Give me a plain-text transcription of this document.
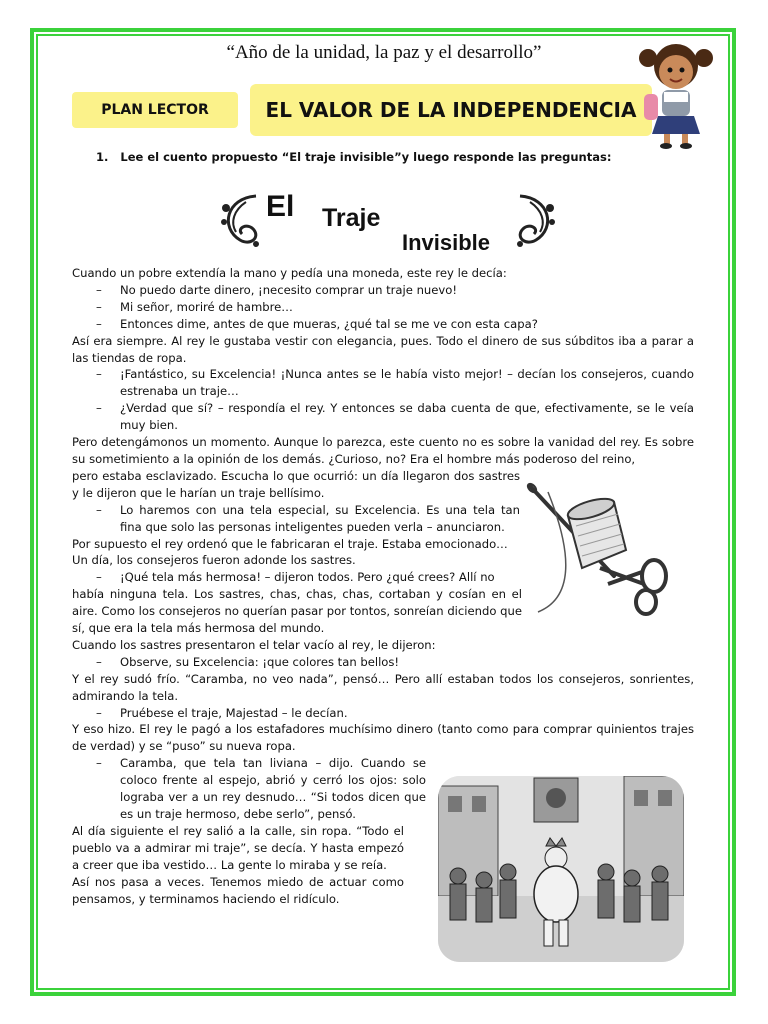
“Año de la unidad, la paz y el desarrollo”
PLAN LECTOR	EL VALOR DE LA INDEPENDENCIA
1. Lee el cuento propuesto “El traje invisible”y luego responde las preguntas:
El Traje
Invisible

Cuando un pobre extendía la mano y pedía una moneda, este rey le decía:

–	No puedo darte dinero, ¡necesito comprar un traje nuevo!
–	Mi señor, moriré de hambre…
–	Entonces dime, antes de que mueras, ¿qué tal se me ve con esta capa?

Así era siempre. Al rey le gustaba vestir con elegancia, pues. Todo el dinero de sus súbditos iba a parar a las tiendas de ropa.

–	¡Fantástico, su Excelencia! ¡Nunca antes se le había visto mejor! – decían los consejeros, cuando estrenaba un traje…
–	¿Verdad que sí? – respondía el rey. Y entonces se daba cuenta de que, efectivamente, se le veía muy bien.

Pero detengámonos un momento. Aunque lo parezca, este cuento no es sobre la vanidad del rey. Es sobre su sometimiento a la opinión de los demás. ¿Curioso, no? Era el hombre más poderoso del reino,

pero estaba esclavizado. Escucha lo que ocurrió: un día llegaron dos sastres y le dijeron que le harían un traje bellísimo.

–	Lo haremos con una tela especial, su Excelencia. Es una tela tan fina que solo las personas inteligentes pueden verla – anunciaron.

Por supuesto el rey ordenó que le fabricaran el traje. Estaba emocionado…

Un día, los consejeros fueron adonde los sastres.

–	¡Qué tela más hermosa! – dijeron todos. Pero ¿qué crees? Allí no

había ninguna tela. Los sastres, chas, chas, chas, cortaban y cosían en el aire. Como los consejeros no querían pasar por tontos, sonreían diciendo que sí, que era la tela más hermosa del mundo.

Cuando los sastres presentaron el telar vacío al rey, le dijeron:

–	Observe, su Excelencia: ¡que colores tan bellos!

Y el rey sudó frío. “Caramba, no veo nada”, pensó… Pero allí estaban todos los consejeros, sonrientes, admirando la tela.

–	Pruébese el traje, Majestad – le decían.

Y eso hizo. El rey le pagó a los estafadores muchísimo dinero (tanto como para comprar quinientos trajes de verdad) y se “puso” su nueva ropa.

–	Caramba, que tela tan liviana – dijo. Cuando se coloco frente al espejo, abrió y cerró los ojos: solo lograba ver a un rey desnudo… “Si todos dicen que es un traje hermoso, debe serlo”, pensó.

Al día siguiente el rey salió a la calle, sin ropa. “Todo el pueblo va a admirar mi traje”, se decía. Y hasta empezó a creer que iba vestido… La gente lo miraba y se reía.

Así nos pasa a veces. Tenemos miedo de actuar como pensamos, y terminamos haciendo el ridículo.
